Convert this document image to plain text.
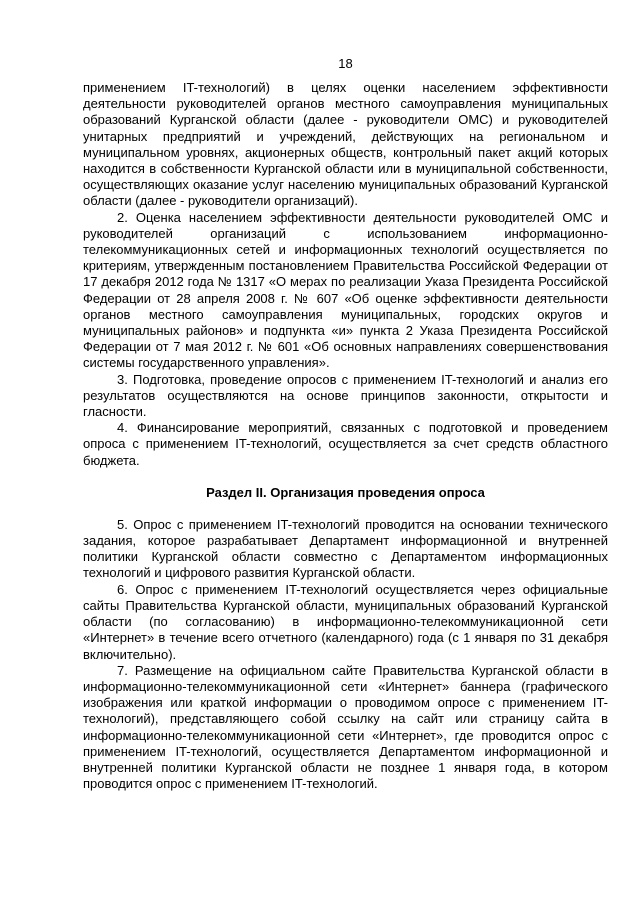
18

применением IT-технологий) в целях оценки населением эффективности деятельности руководителей органов местного самоуправления муниципальных образований Курганской области (далее - руководители ОМС) и руководителей унитарных предприятий и учреждений, действующих на региональном и муниципальном уровнях, акционерных обществ, контрольный пакет акций которых находится в собственности Курганской области или в муниципальной собственности, осуществляющих оказание услуг населению муниципальных образований Курганской области (далее - руководители организаций).

2. Оценка населением эффективности деятельности руководителей ОМС и руководителей организаций с использованием информационно-телекоммуникационных сетей и информационных технологий осуществляется по критериям, утвержденным постановлением Правительства Российской Федерации от 17 декабря 2012 года № 1317 «О мерах по реализации Указа Президента Российской Федерации от 28 апреля 2008 г. № 607 «Об оценке эффективности деятельности органов местного самоуправления муниципальных, городских округов и муниципальных районов» и подпункта «и» пункта 2 Указа Президента Российской Федерации от 7 мая 2012 г. № 601 «Об основных направлениях совершенствования системы государственного управления».

3. Подготовка, проведение опросов с применением IT-технологий и анализ его результатов осуществляются на основе принципов законности, открытости и гласности.

4. Финансирование мероприятий, связанных с подготовкой и проведением опроса с применением IT-технологий, осуществляется за счет средств областного бюджета.

Раздел II. Организация проведения опроса

5. Опрос с применением IT-технологий проводится на основании технического задания, которое разрабатывает Департамент информационной и внутренней политики Курганской области совместно с Департаментом информационных технологий и цифрового развития Курганской области.

6. Опрос с применением IT-технологий осуществляется через официальные сайты Правительства Курганской области, муниципальных образований Курганской области (по согласованию) в информационно-телекоммуникационной сети «Интернет» в течение всего отчетного (календарного) года (с 1 января по 31 декабря включительно).

7. Размещение на официальном сайте Правительства Курганской области в информационно-телекоммуникационной сети «Интернет» баннера (графического изображения или краткой информации о проводимом опросе с применением IT-технологий), представляющего собой ссылку на сайт или страницу сайта в информационно-телекоммуникационной сети «Интернет», где проводится опрос с применением IT-технологий, осуществляется Департаментом информационной и внутренней политики Курганской области не позднее 1 января года, в котором проводится опрос с применением IT-технологий.
